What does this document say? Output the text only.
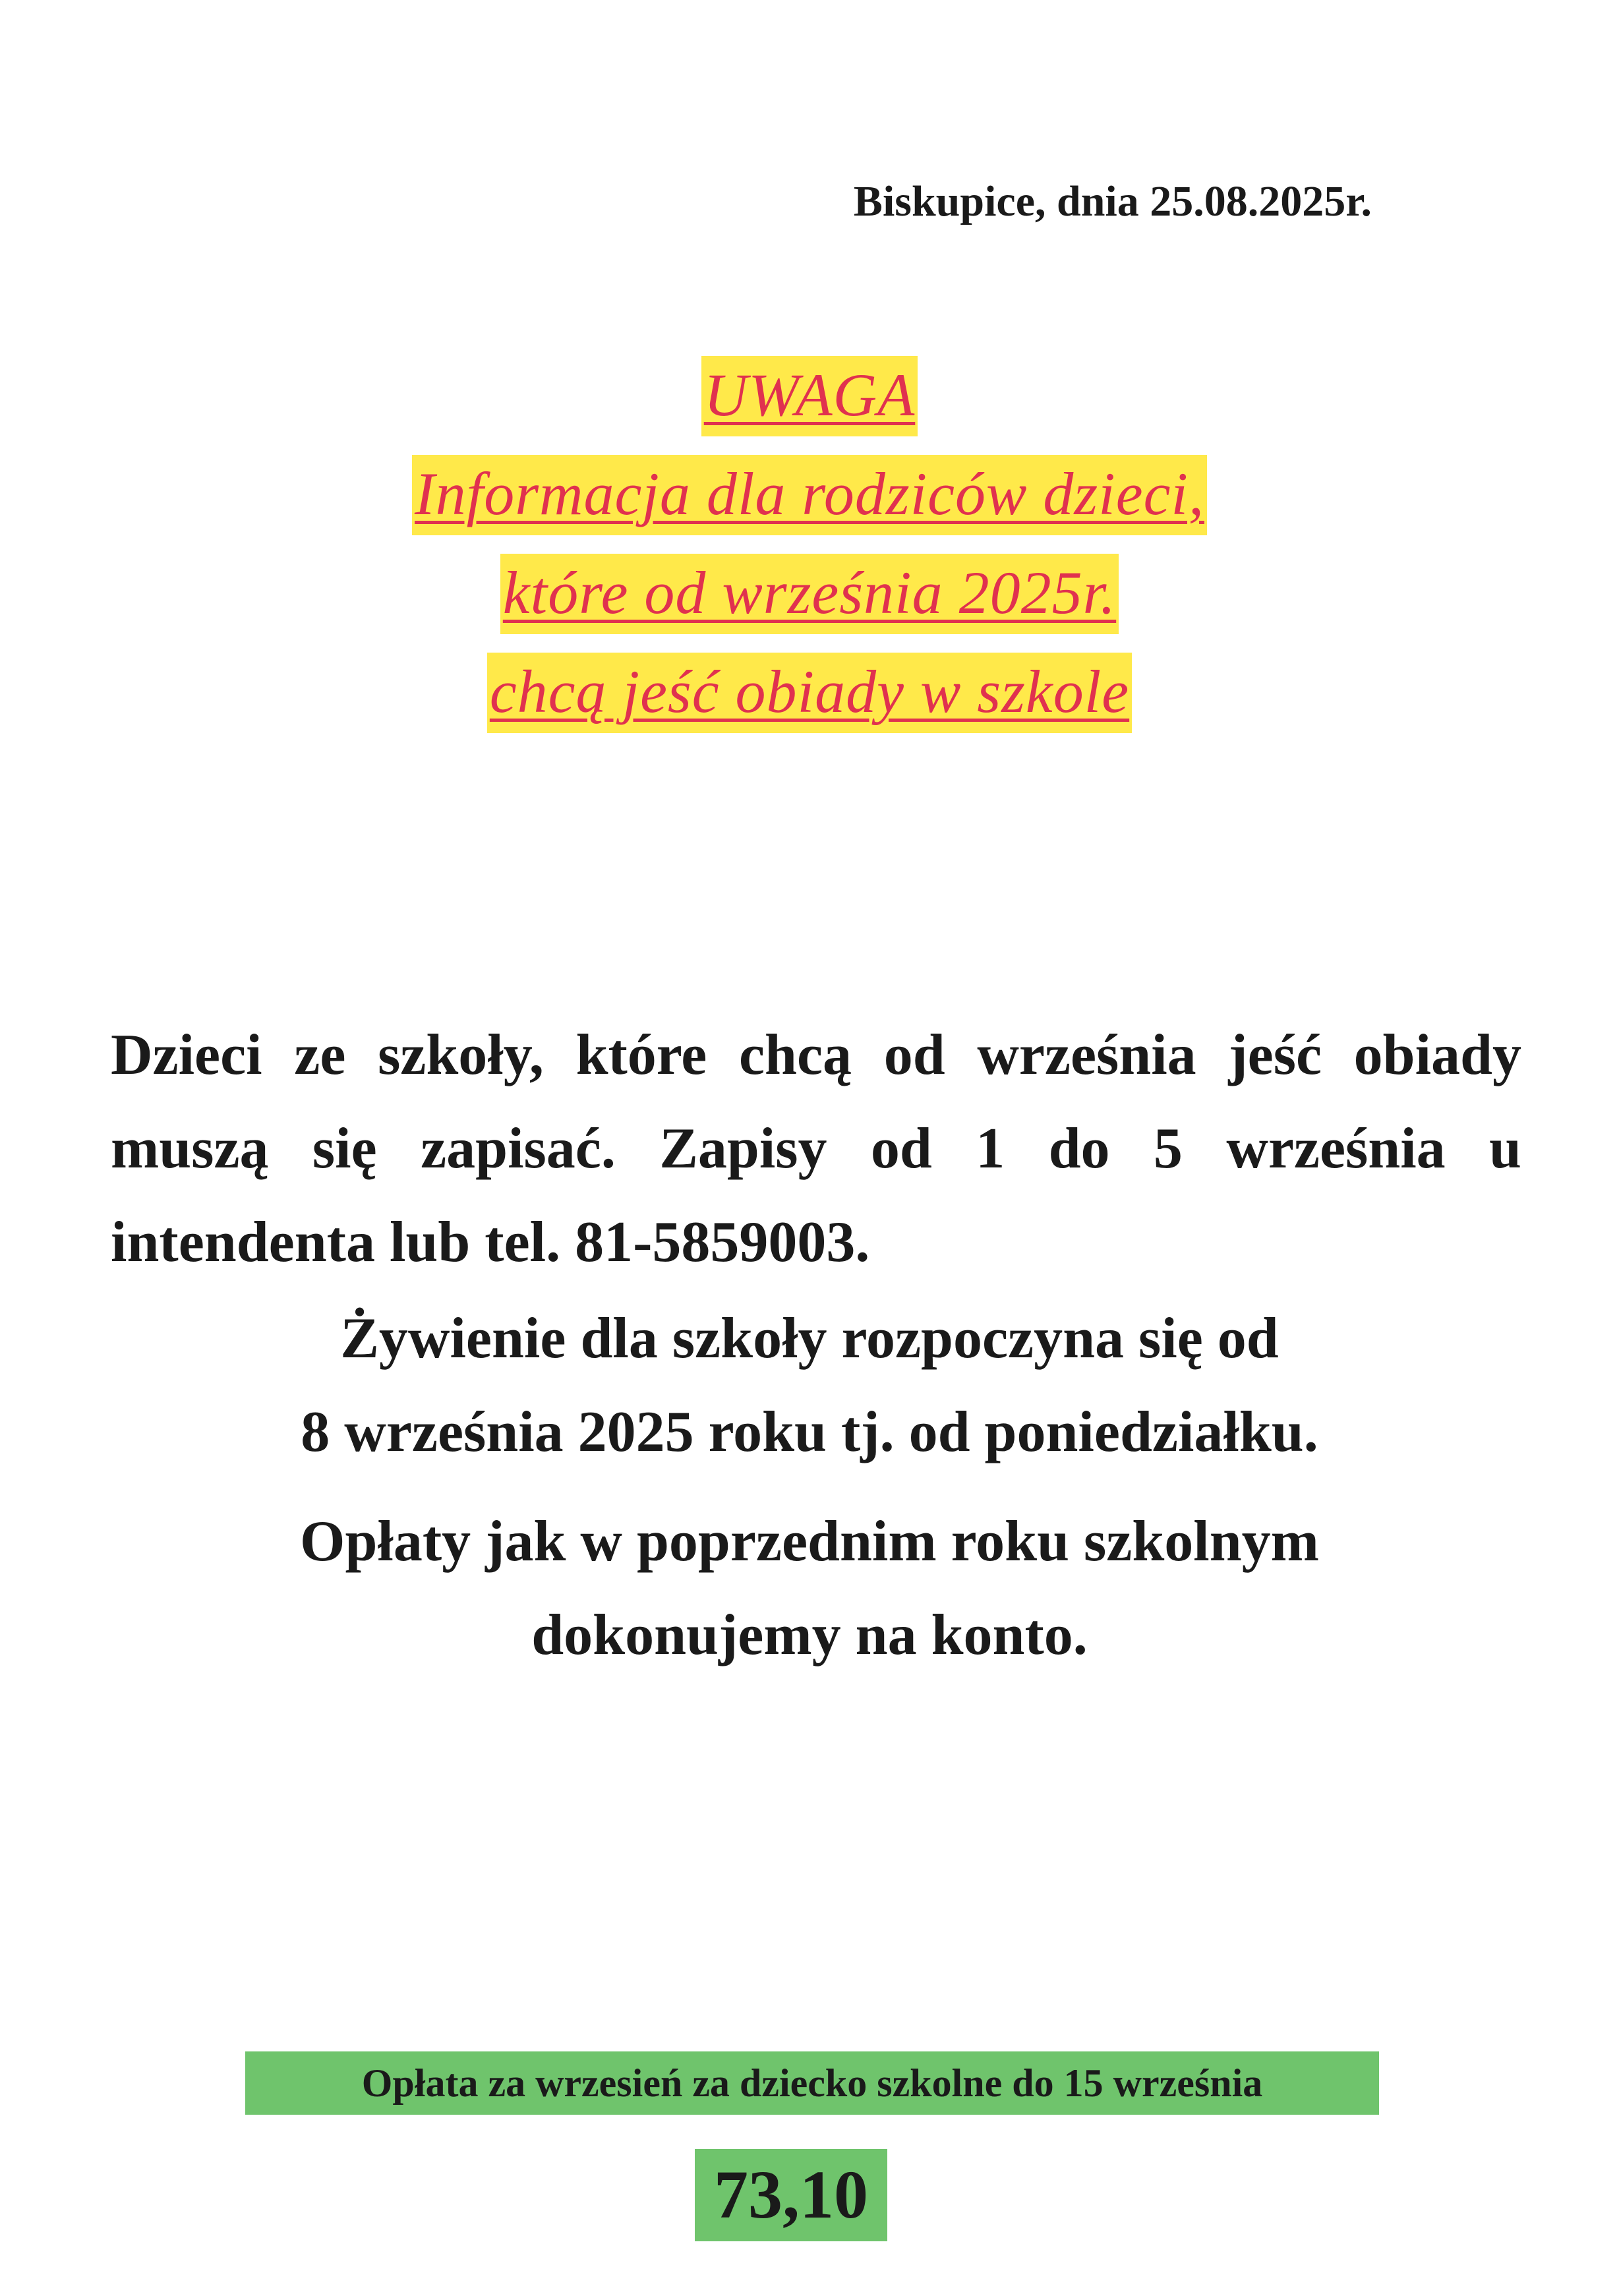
Biskupice, dnia 25.08.2025r.
UWAGA
Informacja dla rodziców dzieci,
które od września 2025r.
chcą jeść obiady w szkole
Dzieci ze szkoły, które chcą od września jeść obiady muszą się zapisać. Zapisy od 1 do 5 września u intendenta lub tel. 81-5859003.
Żywienie dla szkoły rozpoczyna się od
8 września 2025 roku tj. od poniedziałku.
Opłaty jak w poprzednim roku szkolnym
dokonujemy na konto.
Opłata za wrzesień za dziecko szkolne do 15 września
73,10
